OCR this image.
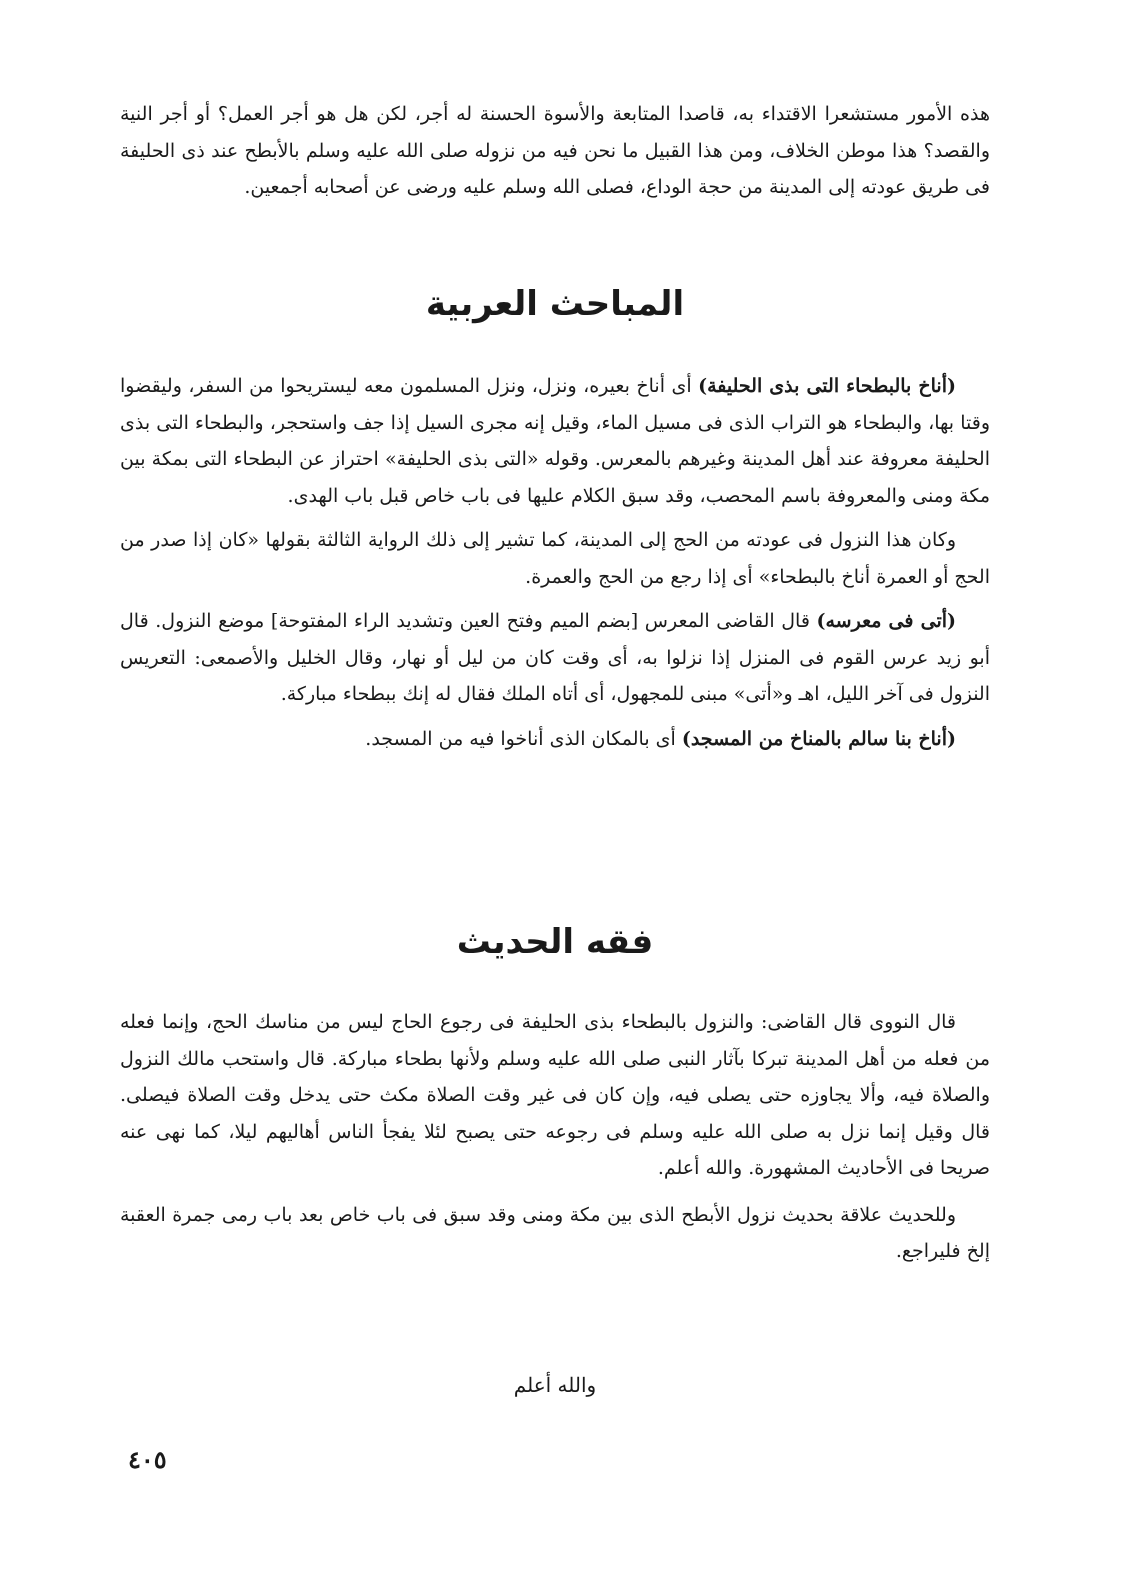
هذه الأمور مستشعرا الاقتداء به، قاصدا المتابعة والأسوة الحسنة له أجر، لكن هل هو أجر العمل؟ أو أجر النية والقصد؟ هذا موطن الخلاف، ومن هذا القبيل ما نحن فيه من نزوله صلى الله عليه وسلم بالأبطح عند ذى الحليفة فى طريق عودته إلى المدينة من حجة الوداع، فصلى الله وسلم عليه ورضى عن أصحابه أجمعين.

المباحث العربية

(أناخ بالبطحاء التى بذى الحليفة) أى أناخ بعيره، ونزل، ونزل المسلمون معه ليستريحوا من السفر، وليقضوا وقتا بها، والبطحاء هو التراب الذى فى مسيل الماء، وقيل إنه مجرى السيل إذا جف واستحجر، والبطحاء التى بذى الحليفة معروفة عند أهل المدينة وغيرهم بالمعرس. وقوله «التى بذى الحليفة» احتراز عن البطحاء التى بمكة بين مكة ومنى والمعروفة باسم المحصب، وقد سبق الكلام عليها فى باب خاص قبل باب الهدى.

وكان هذا النزول فى عودته من الحج إلى المدينة، كما تشير إلى ذلك الرواية الثالثة بقولها «كان إذا صدر من الحج أو العمرة أناخ بالبطحاء» أى إذا رجع من الحج والعمرة.

(أتى فى معرسه) قال القاضى المعرس [بضم الميم وفتح العين وتشديد الراء المفتوحة] موضع النزول. قال أبو زيد عرس القوم فى المنزل إذا نزلوا به، أى وقت كان من ليل أو نهار، وقال الخليل والأصمعى: التعريس النزول فى آخر الليل، اهـ و«أتى» مبنى للمجهول، أى أتاه الملك فقال له إنك ببطحاء مباركة.

(أناخ بنا سالم بالمناخ من المسجد) أى بالمكان الذى أناخوا فيه من المسجد.

فقه الحديث

قال النووى قال القاضى: والنزول بالبطحاء بذى الحليفة فى رجوع الحاج ليس من مناسك الحج، وإنما فعله من فعله من أهل المدينة تبركا بآثار النبى صلى الله عليه وسلم ولأنها بطحاء مباركة. قال واستحب مالك النزول والصلاة فيه، وألا يجاوزه حتى يصلى فيه، وإن كان فى غير وقت الصلاة مكث حتى يدخل وقت الصلاة فيصلى. قال وقيل إنما نزل به صلى الله عليه وسلم فى رجوعه حتى يصبح لئلا يفجأ الناس أهاليهم ليلا، كما نهى عنه صريحا فى الأحاديث المشهورة. والله أعلم.

وللحديث علاقة بحديث نزول الأبطح الذى بين مكة ومنى وقد سبق فى باب خاص بعد باب رمى جمرة العقبة إلخ فليراجع.

والله أعلم
٤٠٥
